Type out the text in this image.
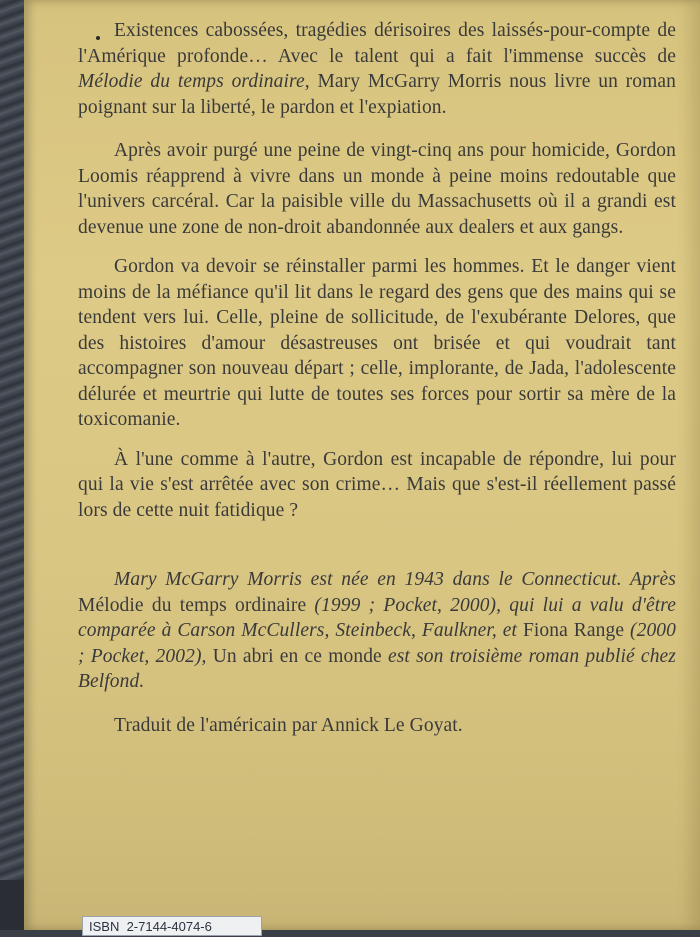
Existences cabossées, tragédies dérisoires des laissés-pour-compte de l'Amérique profonde… Avec le talent qui a fait l'immense succès de Mélodie du temps ordinaire, Mary McGarry Morris nous livre un roman poignant sur la liberté, le pardon et l'expiation.

Après avoir purgé une peine de vingt-cinq ans pour homicide, Gordon Loomis réapprend à vivre dans un monde à peine moins redoutable que l'univers carcéral. Car la paisible ville du Massachusetts où il a grandi est devenue une zone de non-droit abandonnée aux dealers et aux gangs.

Gordon va devoir se réinstaller parmi les hommes. Et le danger vient moins de la méfiance qu'il lit dans le regard des gens que des mains qui se tendent vers lui. Celle, pleine de sollicitude, de l'exubérante Delores, que des histoires d'amour désastreuses ont brisée et qui voudrait tant accompagner son nouveau départ ; celle, implorante, de Jada, l'adolescente délurée et meurtrie qui lutte de toutes ses forces pour sortir sa mère de la toxicomanie.

À l'une comme à l'autre, Gordon est incapable de répondre, lui pour qui la vie s'est arrêtée avec son crime… Mais que s'est-il réellement passé lors de cette nuit fatidique ?

Mary McGarry Morris est née en 1943 dans le Connecticut. Après Mélodie du temps ordinaire (1999 ; Pocket, 2000), qui lui a valu d'être comparée à Carson McCullers, Steinbeck, Faulkner, et Fiona Range (2000 ; Pocket, 2002), Un abri en ce monde est son troisième roman publié chez Belfond.

Traduit de l'américain par Annick Le Goyat.

ISBN  2-7144-4074-6
